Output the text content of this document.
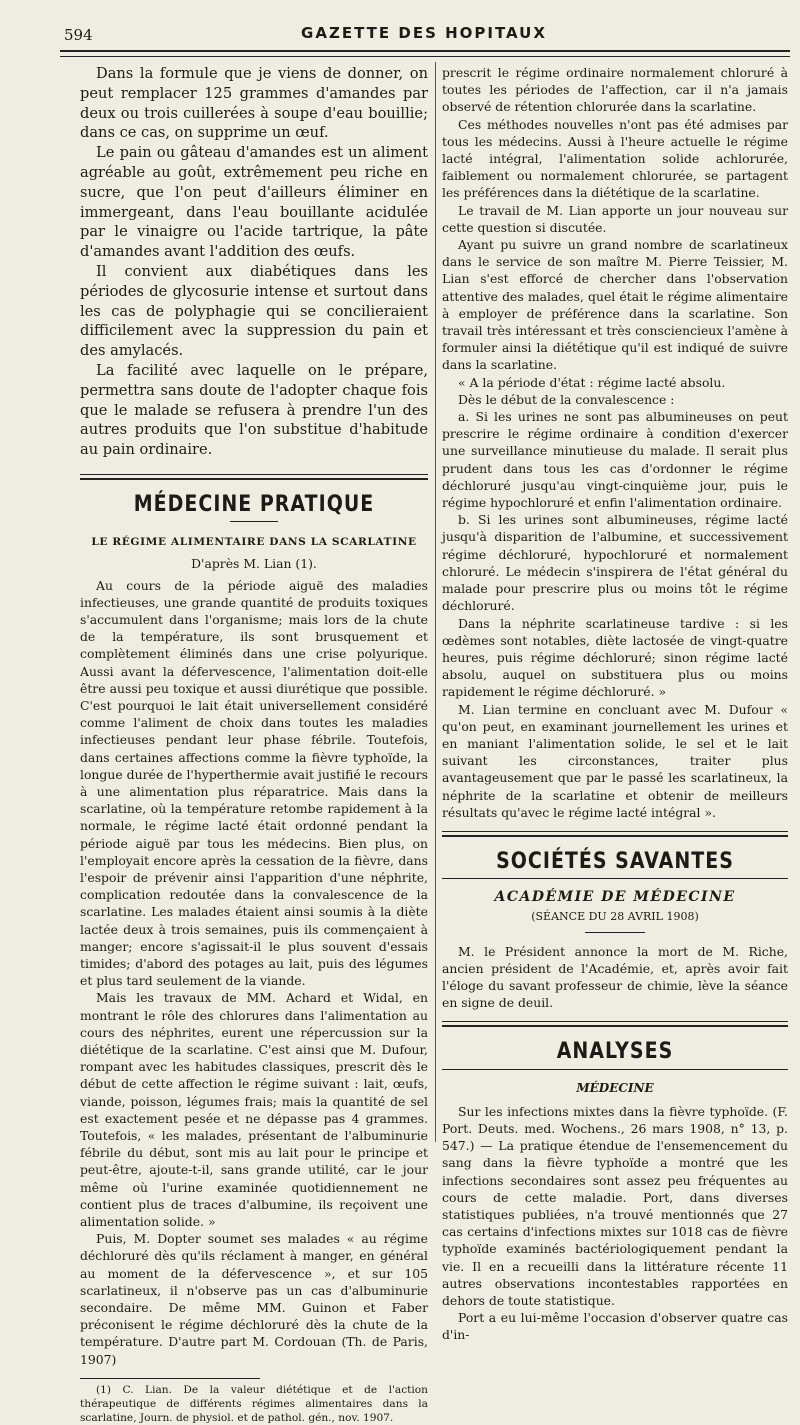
594	GAZETTE DES HOPITAUX

Dans la formule que je viens de donner, on peut remplacer 125 grammes d'amandes par deux ou trois cuillerées à soupe d'eau bouillie; dans ce cas, on supprime un œuf.

Le pain ou gâteau d'amandes est un aliment agréable au goût, extrêmement peu riche en sucre, que l'on peut d'ailleurs éliminer en immergeant, dans l'eau bouillante acidulée par le vinaigre ou l'acide tartrique, la pâte d'amandes avant l'addition des œufs.

Il convient aux diabétiques dans les périodes de glycosurie intense et surtout dans les cas de polyphagie qui se concilieraient difficilement avec la suppression du pain et des amylacés.

La facilité avec laquelle on le prépare, permettra sans doute de l'adopter chaque fois que le malade se refusera à prendre l'un des autres produits que l'on substitue d'habitude au pain ordinaire.

MÉDECINE PRATIQUE
LE RÉGIME ALIMENTAIRE DANS LA SCARLATINE
D'après M. Lian (1).

Au cours de la période aiguë des maladies infectieuses, une grande quantité de produits toxiques s'accumulent dans l'organisme; mais lors de la chute de la température, ils sont brusquement et complètement éliminés dans une crise polyurique. Aussi avant la défervescence, l'alimentation doit-elle être aussi peu toxique et aussi diurétique que possible. C'est pourquoi le lait était universellement considéré comme l'aliment de choix dans toutes les maladies infectieuses pendant leur phase fébrile. Toutefois, dans certaines affections comme la fièvre typhoïde, la longue durée de l'hyperthermie avait justifié le recours à une alimentation plus réparatrice. Mais dans la scarlatine, où la température retombe rapidement à la normale, le régime lacté était ordonné pendant la période aiguë par tous les médecins. Bien plus, on l'employait encore après la cessation de la fièvre, dans l'espoir de prévenir ainsi l'apparition d'une néphrite, complication redoutée dans la convalescence de la scarlatine. Les malades étaient ainsi soumis à la diète lactée deux à trois semaines, puis ils commençaient à manger; encore s'agissait-il le plus souvent d'essais timides; d'abord des potages au lait, puis des légumes et plus tard seulement de la viande.

Mais les travaux de MM. Achard et Widal, en montrant le rôle des chlorures dans l'alimentation au cours des néphrites, eurent une répercussion sur la diététique de la scarlatine. C'est ainsi que M. Dufour, rompant avec les habitudes classiques, prescrit dès le début de cette affection le régime suivant : lait, œufs, viande, poisson, légumes frais; mais la quantité de sel est exactement pesée et ne dépasse pas 4 grammes. Toutefois, « les malades, présentant de l'albuminurie fébrile du début, sont mis au lait pour le principe et peut-être, ajoute-t-il, sans grande utilité, car le jour même où l'urine examinée quotidiennement ne contient plus de traces d'albumine, ils reçoivent une alimentation solide. »

Puis, M. Dopter soumet ses malades « au régime déchloruré dès qu'ils réclament à manger, en général au moment de la défervescence », et sur 105 scarlatineux, il n'observe pas un cas d'albuminurie secondaire. De même MM. Guinon et Faber préconisent le régime déchloruré dès la chute de la température. D'autre part M. Cordouan (Th. de Paris, 1907)

(1) C. Lian. De la valeur diététique et de l'action thérapeutique de différents régimes alimentaires dans la scarlatine, Journ. de physiol. et de pathol. gén., nov. 1907.

prescrit le régime ordinaire normalement chloruré à toutes les périodes de l'affection, car il n'a jamais observé de rétention chlorurée dans la scarlatine.

Ces méthodes nouvelles n'ont pas été admises par tous les médecins. Aussi à l'heure actuelle le régime lacté intégral, l'alimentation solide achlorurée, faiblement ou normalement chlorurée, se partagent les préférences dans la diététique de la scarlatine.

Le travail de M. Lian apporte un jour nouveau sur cette question si discutée.

Ayant pu suivre un grand nombre de scarlatineux dans le service de son maître M. Pierre Teissier, M. Lian s'est efforcé de chercher dans l'observation attentive des malades, quel était le régime alimentaire à employer de préférence dans la scarlatine. Son travail très intéressant et très consciencieux l'amène à formuler ainsi la diététique qu'il est indiqué de suivre dans la scarlatine.

« A la période d'état : régime lacté absolu.

Dès le début de la convalescence :

a. Si les urines ne sont pas albumineuses on peut prescrire le régime ordinaire à condition d'exercer une surveillance minutieuse du malade. Il serait plus prudent dans tous les cas d'ordonner le régime déchloruré jusqu'au vingt-cinquième jour, puis le régime hypochloruré et enfin l'alimentation ordinaire.

b. Si les urines sont albumineuses, régime lacté jusqu'à disparition de l'albumine, et successivement régime déchloruré, hypochloruré et normalement chloruré. Le médecin s'inspirera de l'état général du malade pour prescrire plus ou moins tôt le régime déchloruré.

Dans la néphrite scarlatineuse tardive : si les œdèmes sont notables, diète lactosée de vingt-quatre heures, puis régime déchloruré; sinon régime lacté absolu, auquel on substituera plus ou moins rapidement le régime déchloruré. »

M. Lian termine en concluant avec M. Dufour « qu'on peut, en examinant journellement les urines et en maniant l'alimentation solide, le sel et le lait suivant les circonstances, traiter plus avantageusement que par le passé les scarlatineux, la néphrite de la scarlatine et obtenir de meilleurs résultats qu'avec le régime lacté intégral ».

SOCIÉTÉS SAVANTES
ACADÉMIE DE MÉDECINE
(SÉANCE DU 28 AVRIL 1908)

M. le Président annonce la mort de M. Riche, ancien président de l'Académie, et, après avoir fait l'éloge du savant professeur de chimie, lève la séance en signe de deuil.

ANALYSES
MÉDECINE

Sur les infections mixtes dans la fièvre typhoïde. (F. Port. Deuts. med. Wochens., 26 mars 1908, n° 13, p. 547.) — La pratique étendue de l'ensemencement du sang dans la fièvre typhoïde a montré que les infections secondaires sont assez peu fréquentes au cours de cette maladie. Port, dans diverses statistiques publiées, n'a trouvé mentionnés que 27 cas certains d'infections mixtes sur 1018 cas de fièvre typhoïde examinés bactériologiquement pendant la vie. Il en a recueilli dans la littérature récente 11 autres observations incontestables rapportées en dehors de toute statistique.

Port a eu lui-même l'occasion d'observer quatre cas d'in-
